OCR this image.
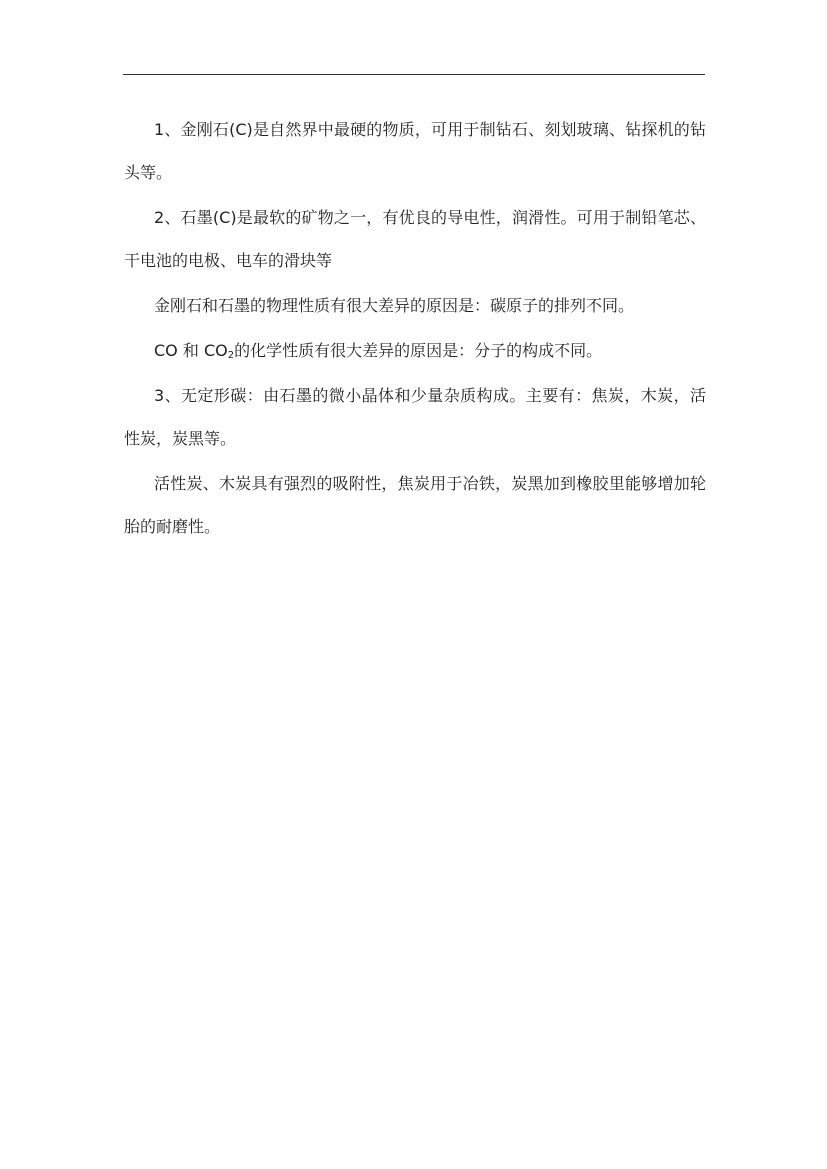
1、金刚石(C)是自然界中最硬的物质，可用于制钻石、刻划玻璃、钻探机的钻头等。

2、石墨(C)是最软的矿物之一，有优良的导电性，润滑性。可用于制铅笔芯、干电池的电极、电车的滑块等

金刚石和石墨的物理性质有很大差异的原因是：碳原子的排列不同。

CO 和 $CO_2$的化学性质有很大差异的原因是：分子的构成不同。

3、无定形碳：由石墨的微小晶体和少量杂质构成。主要有：焦炭，木炭，活性炭，炭黑等。

活性炭、木炭具有强烈的吸附性，焦炭用于冶铁，炭黑加到橡胶里能够增加轮胎的耐磨性。
